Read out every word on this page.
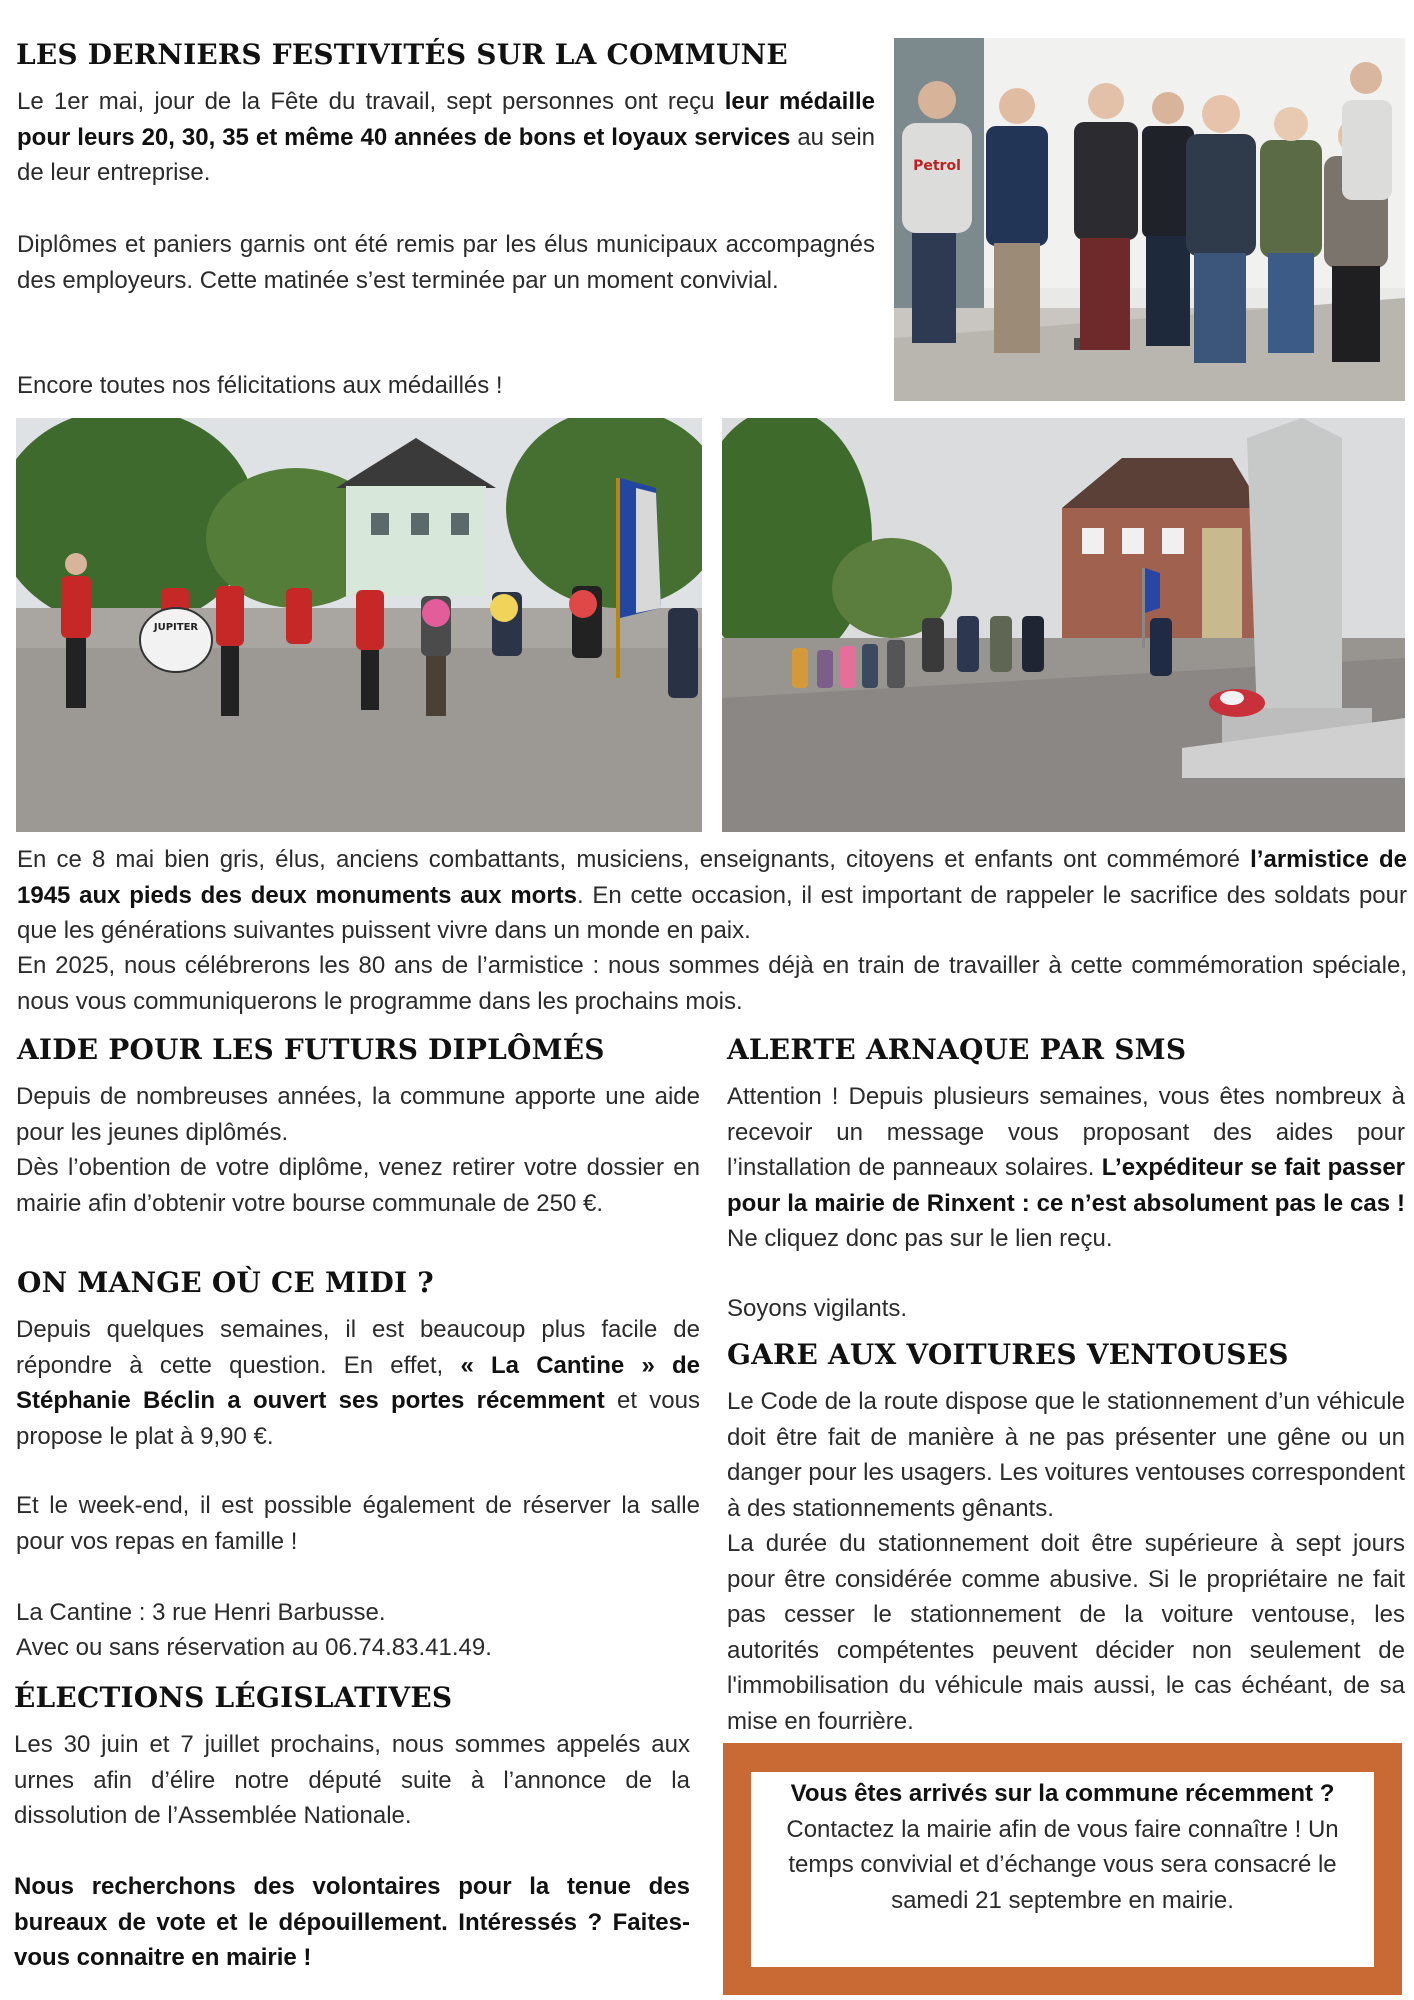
LES DERNIERS FESTIVITÉS SUR LA COMMUNE

Le 1er mai, jour de la Fête du travail, sept personnes ont reçu leur médaille pour leurs 20, 30, 35 et même 40 années de bons et loyaux services au sein de leur entreprise.

Diplômes et paniers garnis ont été remis par les élus municipaux accompagnés des employeurs. Cette matinée s’est terminée par un moment convivial.

Encore toutes nos félicitations aux médaillés !

Petrol
JUPITER

En ce 8 mai bien gris, élus, anciens combattants, musiciens, enseignants, citoyens et enfants ont commémoré l’armistice de 1945 aux pieds des deux monuments aux morts. En cette occasion, il est important de rappeler le sacrifice des soldats pour que les générations suivantes puissent vivre dans un monde en paix.

En 2025, nous célébrerons les 80 ans de l’armistice : nous sommes déjà en train de travailler à cette commémoration spéciale, nous vous communiquerons le programme dans les prochains mois.

AIDE POUR LES FUTURS DIPLÔMÉS

Depuis de nombreuses années, la commune apporte une aide pour les jeunes diplômés.

Dès l’obention de votre diplôme, venez retirer votre dossier en mairie afin d’obtenir votre bourse communale de 250 €.

ON MANGE OÙ CE MIDI ?

Depuis quelques semaines, il est beaucoup plus facile de répondre à cette question. En effet, « La Cantine » de Stéphanie Béclin a ouvert ses portes récemment et vous propose le plat à 9,90 €.

Et le week-end, il est possible également de réserver la salle pour vos repas en famille !

La Cantine : 3 rue Henri Barbusse.

Avec ou sans réservation au 06.74.83.41.49.

ÉLECTIONS LÉGISLATIVES

Les 30 juin et 7 juillet prochains, nous sommes appelés aux urnes afin d’élire notre député suite à l’annonce de la dissolution de l’Assemblée Nationale.

Nous recherchons des volontaires pour la tenue des bureaux de vote et le dépouillement. Intéressés ? Faites-vous connaitre en mairie !

ALERTE ARNAQUE PAR SMS

Attention ! Depuis plusieurs semaines, vous êtes nombreux à recevoir un message vous proposant des aides pour l’installation de panneaux solaires. L’expéditeur se fait passer pour la mairie de Rinxent : ce n’est absolument pas le cas ! Ne cliquez donc pas sur le lien reçu.

Soyons vigilants.

GARE AUX VOITURES VENTOUSES

Le Code de la route dispose que le stationnement d’un véhicule doit être fait de manière à ne pas présenter une gêne ou un danger pour les usagers. Les voitures ventouses correspondent à des stationnements gênants.

La durée du stationnement doit être supérieure à sept jours pour être considérée comme abusive. Si le propriétaire ne fait pas cesser le stationnement de la voiture ventouse, les autorités compétentes peuvent décider non seulement de l'immobilisation du véhicule mais aussi, le cas échéant, de sa mise en fourrière.

Vous êtes arrivés sur la commune récemment ?
Contactez la mairie afin de vous faire connaître ! Un temps convivial et d’échange vous sera consacré le samedi 21 septembre en mairie.
